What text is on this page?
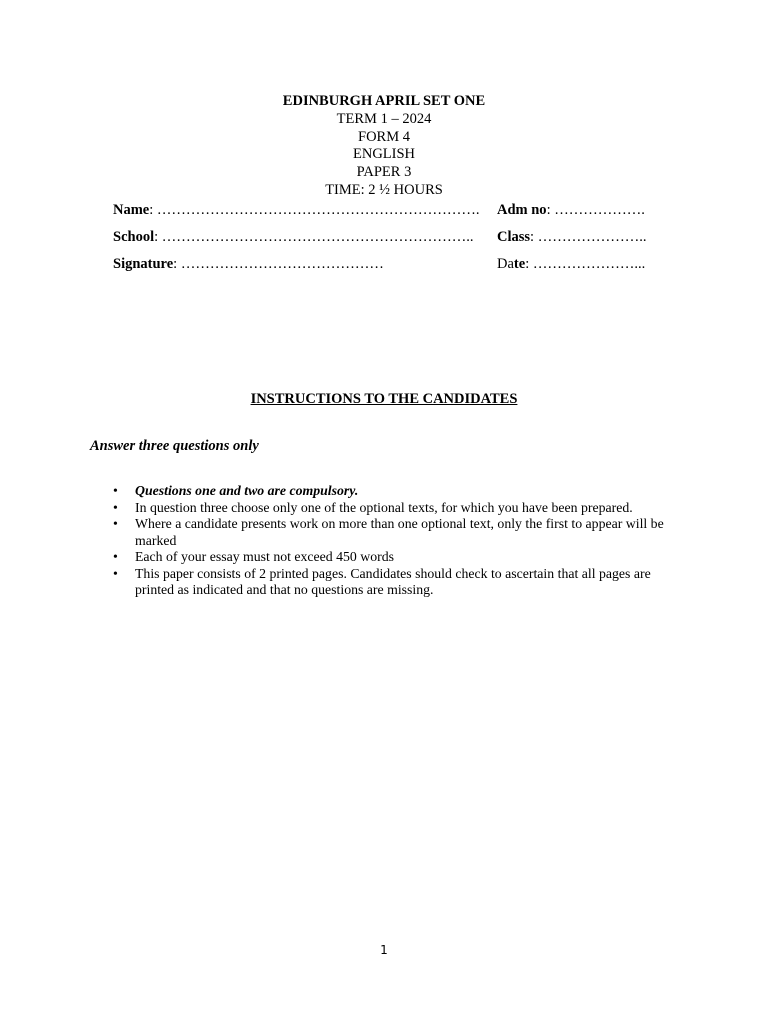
EDINBURGH APRIL SET ONE
TERM 1 – 2024
FORM 4
ENGLISH
PAPER 3
TIME: 2 ½ HOURS
Name: …………………………………………………………. Adm no: ……………….
School: ……………………………………………………….. Class: …………………..
Signature: ……………………………………	Date: …………………...
INSTRUCTIONS TO THE CANDIDATES
Answer three questions only
• Questions one and two are compulsory.
• In question three choose only one of the optional texts, for which you have been prepared.
• Where a candidate presents work on more than one optional text, only the first to appear will be marked
• Each of your essay must not exceed 450 words
• This paper consists of 2 printed pages. Candidates should check to ascertain that all pages are printed as indicated and that no questions are missing.
1
